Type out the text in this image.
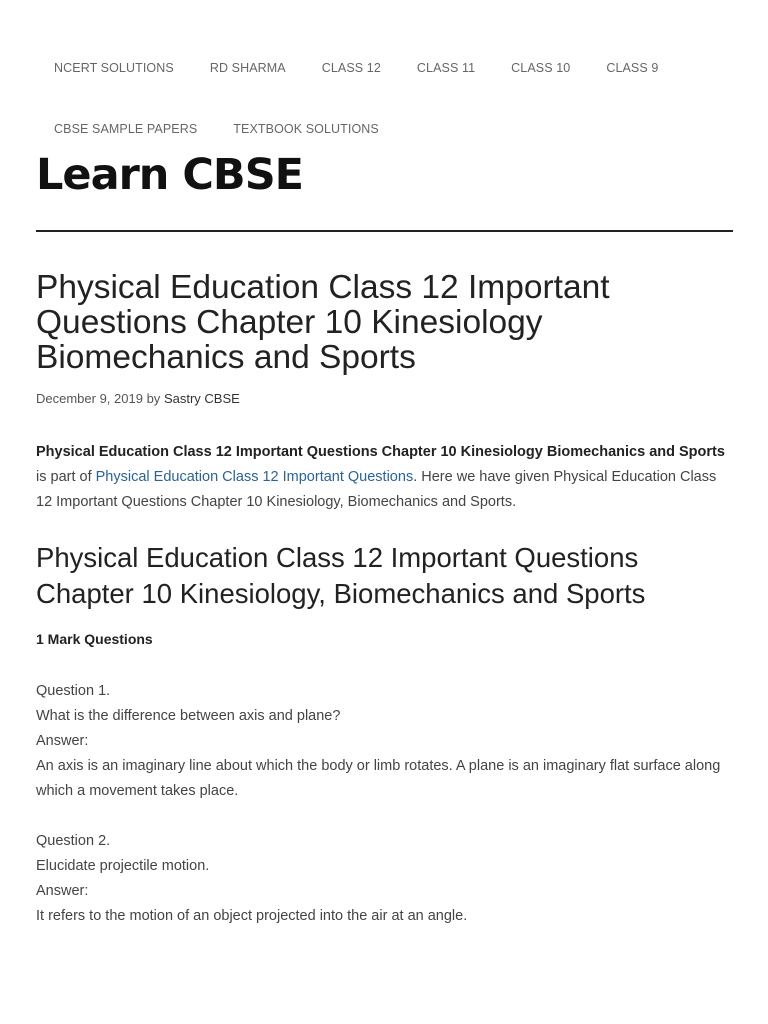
NCERT SOLUTIONS	RD SHARMA	CLASS 12	CLASS 11	CLASS 10	CLASS 9
CBSE SAMPLE PAPERS	TEXTBOOK SOLUTIONS
Learn CBSE
Physical Education Class 12 Important Questions Chapter 10 Kinesiology Biomechanics and Sports
December 9, 2019 by Sastry CBSE

Physical Education Class 12 Important Questions Chapter 10 Kinesiology Biomechanics and Sports is part of Physical Education Class 12 Important Questions. Here we have given Physical Education Class 12 Important Questions Chapter 10 Kinesiology, Biomechanics and Sports.

Physical Education Class 12 Important Questions Chapter 10 Kinesiology, Biomechanics and Sports

1 Mark Questions

Question 1.
What is the difference between axis and plane?
Answer:
An axis is an imaginary line about which the body or limb rotates. A plane is an imaginary flat surface along which a movement takes place.
Question 2.
Elucidate projectile motion.
Answer:
It refers to the motion of an object projected into the air at an angle.
